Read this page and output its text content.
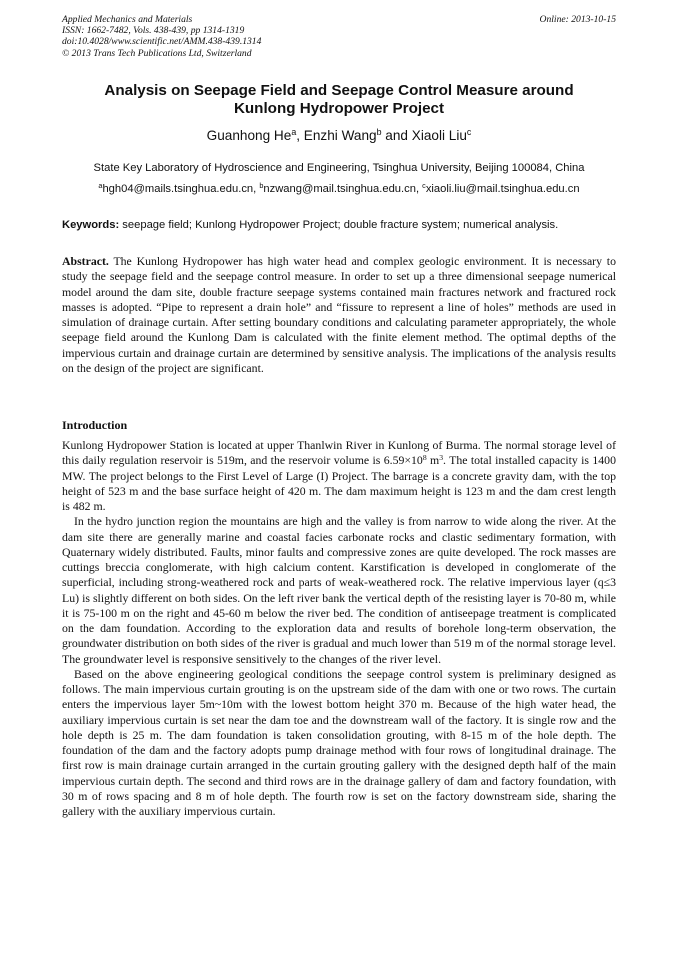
Applied Mechanics and Materials
ISSN: 1662-7482, Vols. 438-439, pp 1314-1319
doi:10.4028/www.scientific.net/AMM.438-439.1314
© 2013 Trans Tech Publications Ltd, Switzerland
Online: 2013-10-15
Analysis on Seepage Field and Seepage Control Measure around
Kunlong Hydropower Project
Guanhong He$^a$, Enzhi Wang$^b$ and Xiaoli Liu$^c$
State Key Laboratory of Hydroscience and Engineering, Tsinghua University, Beijing 100084, China
$^a$hgh04@mails.tsinghua.edu.cn, $^b$nzwang@mail.tsinghua.edu.cn, $^c$xiaoli.liu@mail.tsinghua.edu.cn
Keywords: seepage field; Kunlong Hydropower Project; double fracture system; numerical analysis.
Abstract. The Kunlong Hydropower has high water head and complex geologic environment. It is necessary to study the seepage field and the seepage control measure. In order to set up a three dimensional seepage numerical model around the dam site, double fracture seepage systems contained main fractures network and fractured rock masses is adopted. “Pipe to represent a drain hole” and “fissure to represent a line of holes” methods are used in simulation of drainage curtain. After setting boundary conditions and calculating parameter appropriately, the whole seepage field around the Kunlong Dam is calculated with the finite element method. The optimal depths of the impervious curtain and drainage curtain are determined by sensitive analysis. The implications of the analysis results on the design of the project are significant.
Introduction

Kunlong Hydropower Station is located at upper Thanlwin River in Kunlong of Burma. The normal storage level of this daily regulation reservoir is 519m, and the reservoir volume is $6.59\times 10^8$ $m^3$. The total installed capacity is 1400 MW. The project belongs to the First Level of Large (I) Project. The barrage is a concrete gravity dam, with the top height of 523 m and the base surface height of 420 m. The dam maximum height is 123 m and the dam crest length is 482 m.

In the hydro junction region the mountains are high and the valley is from narrow to wide along the river. At the dam site there are generally marine and coastal facies carbonate rocks and clastic sedimentary formation, with Quaternary widely distributed. Faults, minor faults and compressive zones are quite developed. The rock masses are cuttings breccia conglomerate, with high calcium content. Karstification is developed in conglomerate of the superficial, including strong-weathered rock and parts of weak-weathered rock. The relative impervious layer (q≤3 Lu) is slightly different on both sides. On the left river bank the vertical depth of the resisting layer is 70-80 m, while it is 75-100 m on the right and 45-60 m below the river bed. The condition of antiseepage treatment is complicated on the dam foundation. According to the exploration data and results of borehole long-term observation, the groundwater distribution on both sides of the river is gradual and much lower than 519 m of the normal storage level. The groundwater level is responsive sensitively to the changes of the river level.

Based on the above engineering geological conditions the seepage control system is preliminary designed as follows. The main impervious curtain grouting is on the upstream side of the dam with one or two rows. The curtain enters the impervious layer 5m~10m with the lowest bottom height 370 m. Because of the high water head, the auxiliary impervious curtain is set near the dam toe and the downstream wall of the factory. It is single row and the hole depth is 25 m. The dam foundation is taken consolidation grouting, with 8-15 m of the hole depth. The foundation of the dam and the factory adopts pump drainage method with four rows of longitudinal drainage. The first row is main drainage curtain arranged in the curtain grouting gallery with the designed depth half of the main impervious curtain depth. The second and third rows are in the drainage gallery of dam and factory foundation, with 30 m of rows spacing and 8 m of hole depth. The fourth row is set on the factory downstream side, sharing the gallery with the auxiliary impervious curtain.
